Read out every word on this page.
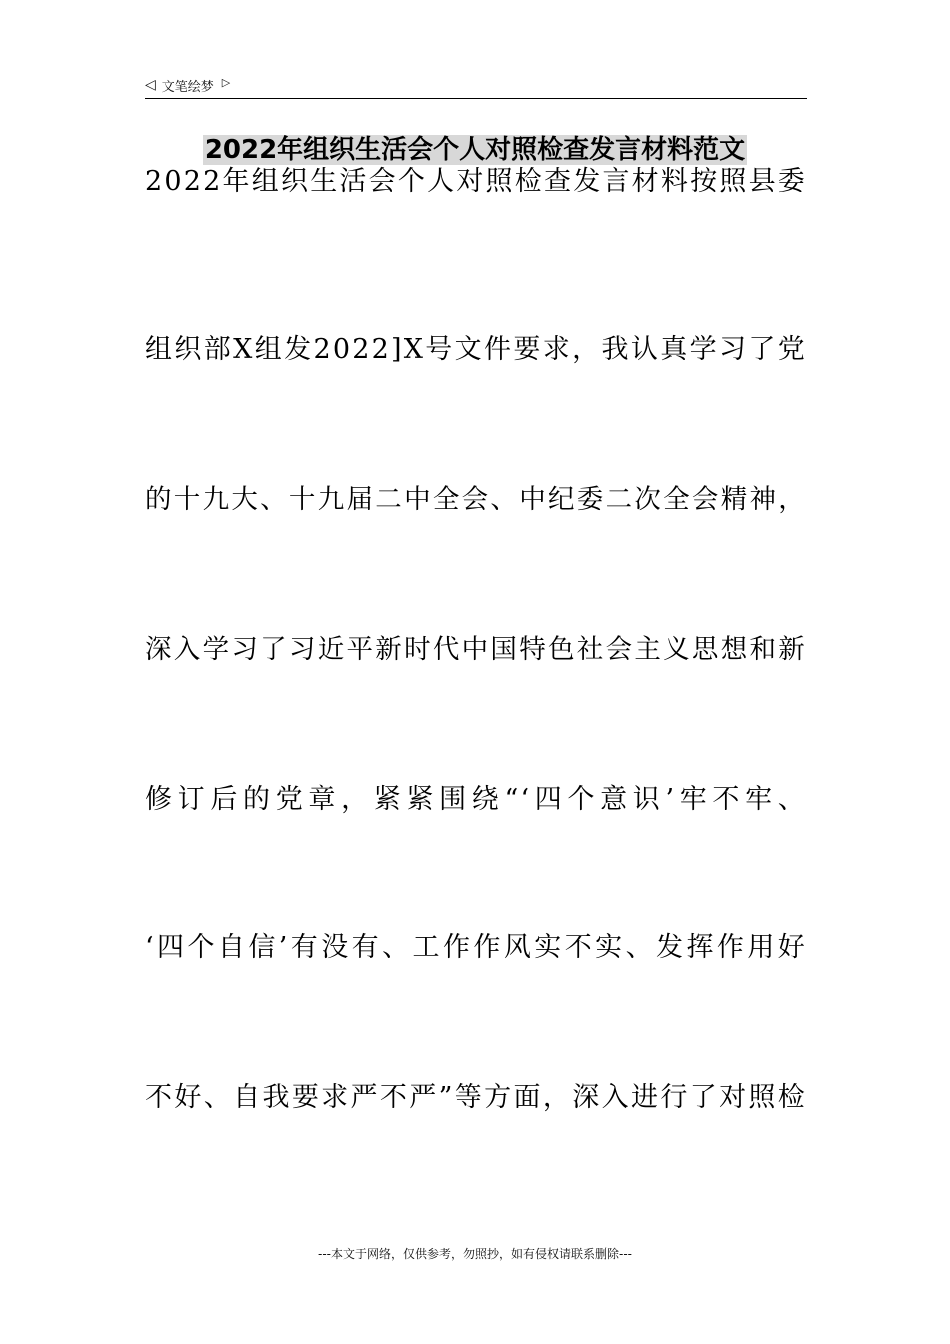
◁ 文笔绘梦 ▷
2022年组织生活会个人对照检查发言材料范文
2022年组织生活会个人对照检查发言材料按照县委
组织部X组发2022]X号文件要求，我认真学习了党
的十九大、十九届二中全会、中纪委二次全会精神，
深入学习了习近平新时代中国特色社会主义思想和新
修订后的党章，紧紧围绕“‘四个意识’牢不牢、
‘四个自信’有没有、工作作风实不实、发挥作用好
不好、自我要求严不严”等方面，深入进行了对照检
---本文于网络，仅供参考，勿照抄，如有侵权请联系删除---
